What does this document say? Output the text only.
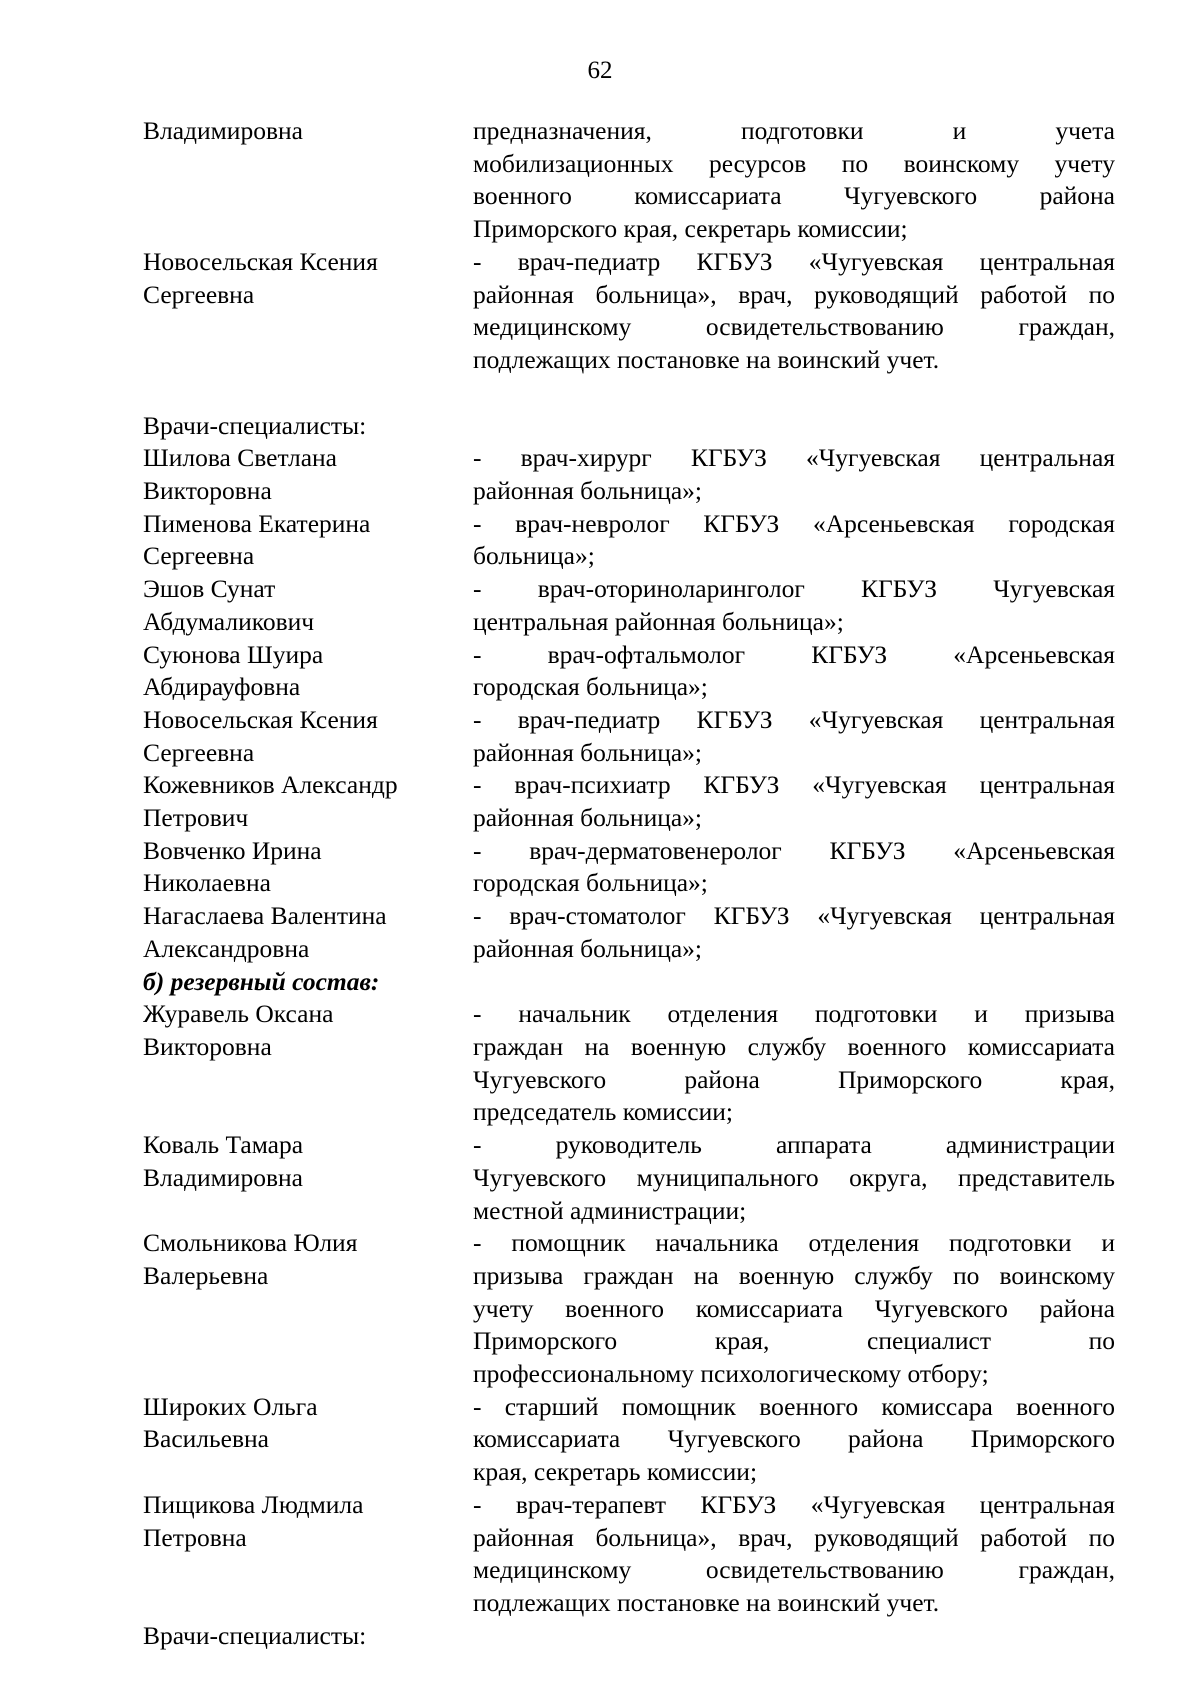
62
Владимировна	предназначения, подготовки и учета
мобилизационных ресурсов по воинскому учету
военного комиссариата Чугуевского района
Приморского края, секретарь комиссии;
Новосельская Ксения
Сергеевна
- врач-педиатр КГБУЗ «Чугуевская центральная
районная больница», врач, руководящий работой по
медицинскому освидетельствованию граждан,
подлежащих постановке на воинский учет.
Врачи-специалисты:
Шилова Светлана
Викторовна
- врач-хирург КГБУЗ «Чугуевская центральная
районная больница»;
Пименова Екатерина
Сергеевна
- врач-невролог КГБУЗ «Арсеньевская городская
больница»;
Эшов Сунат
Абдумаликович
- врач-оториноларинголог КГБУЗ Чугуевская
центральная районная больница»;
Суюнова Шуира
Абдирауфовна
- врач-офтальмолог КГБУЗ «Арсеньевская
городская больница»;
Новосельская Ксения
Сергеевна
- врач-педиатр КГБУЗ «Чугуевская центральная
районная больница»;
Кожевников Александр
Петрович
- врач-психиатр КГБУЗ «Чугуевская центральная
районная больница»;
Вовченко Ирина
Николаевна
- врач-дерматовенеролог КГБУЗ «Арсеньевская
городская больница»;
Нагаслаева Валентина
Александровна
- врач-стоматолог КГБУЗ «Чугуевская центральная
районная больница»;
б) резервный состав:
Журавель Оксана
Викторовна
- начальник отделения подготовки и призыва
граждан на военную службу военного комиссариата
Чугуевского района Приморского края,
председатель комиссии;
Коваль Тамара
Владимировна
- руководитель аппарата администрации
Чугуевского муниципального округа, представитель
местной администрации;
Смольникова Юлия
Валерьевна
- помощник начальника отделения подготовки и
призыва граждан на военную службу по воинскому
учету военного комиссариата Чугуевского района
Приморского края, специалист по
профессиональному психологическому отбору;
Широких Ольга
Васильевна
- старший помощник военного комиссара военного
комиссариата Чугуевского района Приморского
края, секретарь комиссии;
Пищикова Людмила
Петровна
- врач-терапевт КГБУЗ «Чугуевская центральная
районная больница», врач, руководящий работой по
медицинскому освидетельствованию граждан,
подлежащих постановке на воинский учет.
Врачи-специалисты:
